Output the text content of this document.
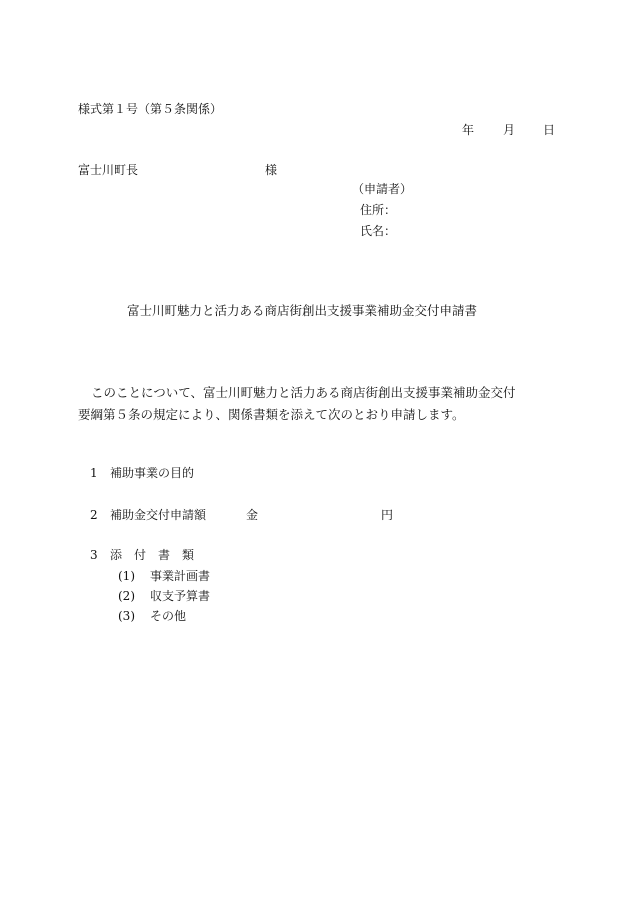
様式第１号（第５条関係）
年 月 日
富士川町長	様
（申請者）
住所：
氏名：
富士川町魅力と活力ある商店街創出支援事業補助金交付申請書
このことについて、富士川町魅力と活力ある商店街創出支援事業補助金交付
要綱第５条の規定により、関係書類を添えて次のとおり申請します。
1 補助事業の目的
2 補助金交付申請額	金	円
3 添　付　書　類
(1) 事業計画書
(2) 収支予算書
(3) その他
